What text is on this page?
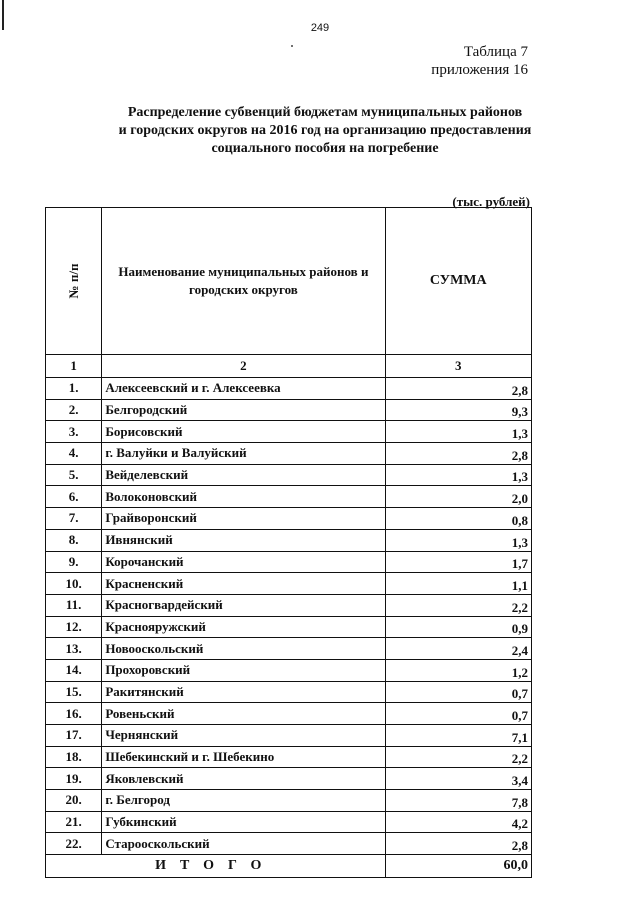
249
Таблица 7
приложения 16
Распределение субвенций бюджетам муниципальных районов
и городских округов на 2016 год на организацию предоставления
социального пособия на погребение
(тыс. рублей)
№ п/п	Наименование муниципальных районов и городских округов	СУММА
1	2	3
1.	Алексеевский и г. Алексеевка	2,8
2.	Белгородский	9,3
3.	Борисовский	1,3
4.	г. Валуйки и Валуйский	2,8
5.	Вейделевский	1,3
6.	Волоконовский	2,0
7.	Грайворонский	0,8
8.	Ивнянский	1,3
9.	Корочанский	1,7
10.	Красненский	1,1
11.	Красногвардейский	2,2
12.	Краснояружский	0,9
13.	Новооскольский	2,4
14.	Прохоровский	1,2
15.	Ракитянский	0,7
16.	Ровеньский	0,7
17.	Чернянский	7,1
18.	Шебекинский и г. Шебекино	2,2
19.	Яковлевский	3,4
20.	г. Белгород	7,8
21.	Губкинский	4,2
22.	Старооскольский	2,8
ИТОГО		60,0
